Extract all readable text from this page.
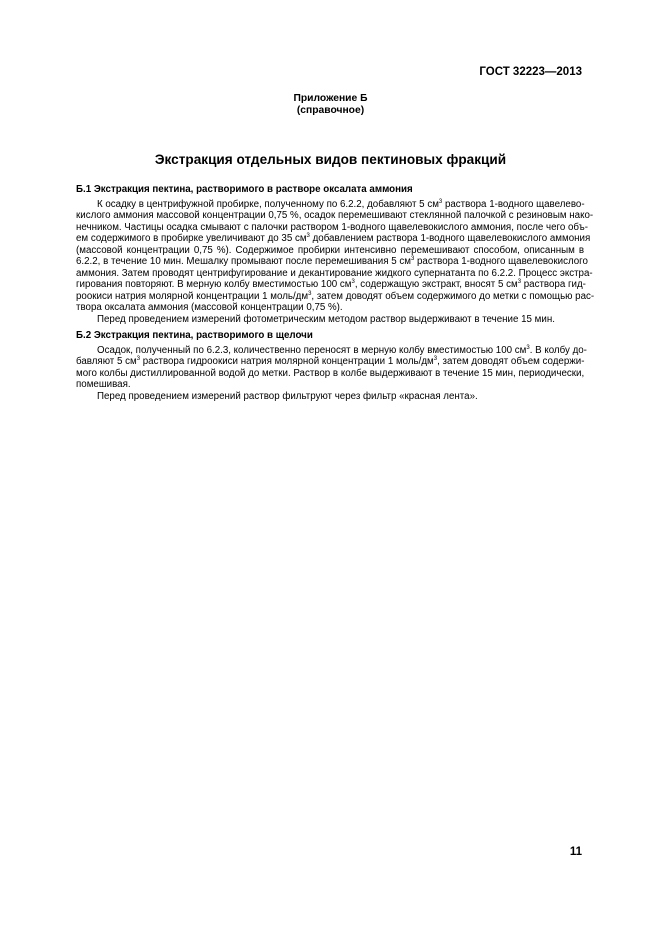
ГОСТ 32223—2013
Приложение Б
(справочное)
Экстракция отдельных видов пектиновых фракций
Б.1 Экстракция пектина, растворимого в растворе оксалата аммония
К осадку в центрифужной пробирке, полученному по 6.2.2, добавляют 5 $см^3$ раствора 1-водного щавелево-
кислого аммония массовой концентрации 0,75 %, осадок перемешивают стеклянной палочкой с резиновым нако-
нечником. Частицы осадка смывают с палочки раствором 1-водного щавелевокислого аммония, после чего объ-
ем содержимого в пробирке увеличивают до 35 $см^3$ добавлением раствора 1-водного щавелевокислого аммония
(массовой концентрации 0,75 %). Содержимое пробирки интенсивно перемешивают способом, описанным в
6.2.2, в течение 10 мин. Мешалку промывают после перемешивания 5 $см^3$ раствора 1-водного щавелевокислого
аммония. Затем проводят центрифугирование и декантирование жидкого супернатанта по 6.2.2. Процесс экстра-
гирования повторяют. В мерную колбу вместимостью 100 $см^3$, содержащую экстракт, вносят 5 $см^3$ раствора гид-
роокиси натрия молярной концентрации 1 моль/$дм^3$, затем доводят объем содержимого до метки с помощью рас-
твора оксалата аммония (массовой концентрации 0,75 %).
Перед проведением измерений фотометрическим методом раствор выдерживают в течение 15 мин.
Б.2 Экстракция пектина, растворимого в щелочи
Осадок, полученный по 6.2.3, количественно переносят в мерную колбу вместимостью 100 $см^3$. В колбу до-
бавляют 5 $см^3$ раствора гидроокиси натрия молярной концентрации 1 моль/$дм^3$, затем доводят объем содержи-
мого колбы дистиллированной водой до метки. Раствор в колбе выдерживают в течение 15 мин, периодически,
помешивая.
Перед проведением измерений раствор фильтруют через фильтр «красная лента».
11
